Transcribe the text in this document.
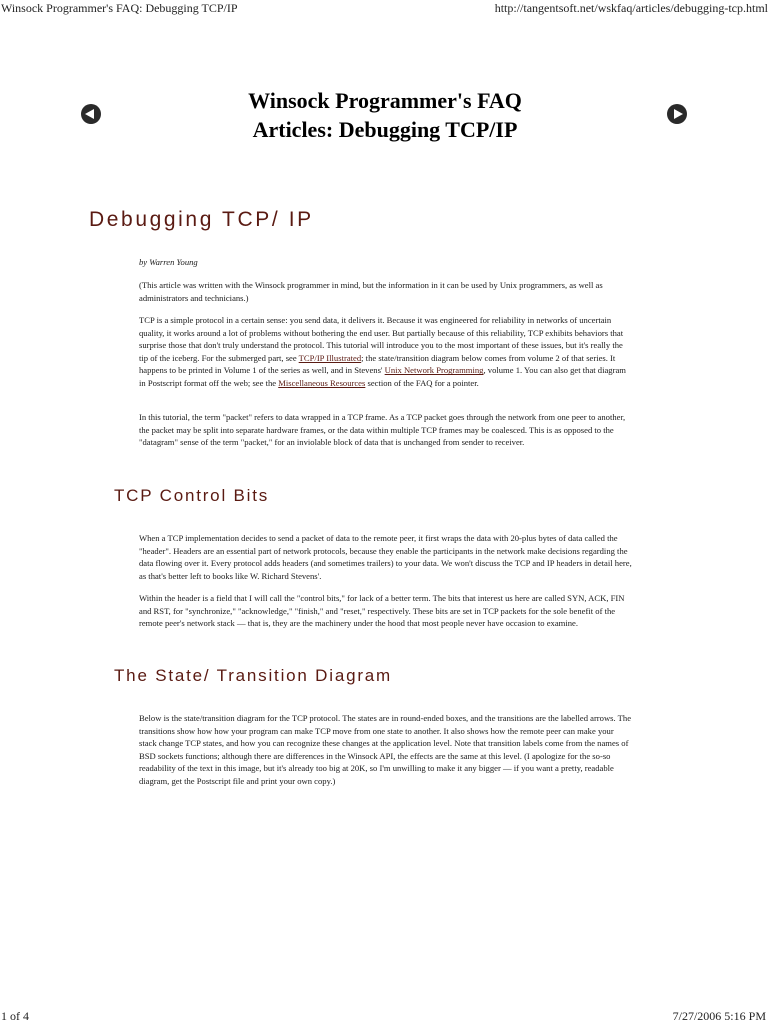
Winsock Programmer's FAQ: Debugging TCP/IP	http://tangentsoft.net/wskfaq/articles/debugging-tcp.html
Winsock Programmer's FAQ
Articles: Debugging TCP/IP
Debugging TCP/ IP
by Warren Young
(This article was written with the Winsock programmer in mind, but the information in it can be used by Unix programmers, as well as administrators and technicians.)
TCP is a simple protocol in a certain sense: you send data, it delivers it. Because it was engineered for reliability in networks of uncertain quality, it works around a lot of problems without bothering the end user. But partially because of this reliability, TCP exhibits behaviors that surprise those that don't truly understand the protocol. This tutorial will introduce you to the most important of these issues, but it's really the tip of the iceberg. For the submerged part, see TCP/IP Illustrated; the state/transition diagram below comes from volume 2 of that series. It happens to be printed in Volume 1 of the series as well, and in Stevens' Unix Network Programming, volume 1. You can also get that diagram in Postscript format off the web; see the Miscellaneous Resources section of the FAQ for a pointer.
In this tutorial, the term "packet" refers to data wrapped in a TCP frame. As a TCP packet goes through the network from one peer to another, the packet may be split into separate hardware frames, or the data within multiple TCP frames may be coalesced. This is as opposed to the "datagram" sense of the term "packet," for an inviolable block of data that is unchanged from sender to receiver.
TCP Control Bits
When a TCP implementation decides to send a packet of data to the remote peer, it first wraps the data with 20-plus bytes of data called the "header". Headers are an essential part of network protocols, because they enable the participants in the network make decisions regarding the data flowing over it. Every protocol adds headers (and sometimes trailers) to your data. We won't discuss the TCP and IP headers in detail here, as that's better left to books like W. Richard Stevens'.
Within the header is a field that I will call the "control bits," for lack of a better term. The bits that interest us here are called SYN, ACK, FIN and RST, for "synchronize," "acknowledge," "finish," and "reset," respectively. These bits are set in TCP packets for the sole benefit of the remote peer's network stack — that is, they are the machinery under the hood that most people never have occasion to examine.
The State/ Transition Diagram
Below is the state/transition diagram for the TCP protocol. The states are in round-ended boxes, and the transitions are the labelled arrows. The transitions show how how your program can make TCP move from one state to another. It also shows how the remote peer can make your stack change TCP states, and how you can recognize these changes at the application level. Note that transition labels come from the names of BSD sockets functions; although there are differences in the Winsock API, the effects are the same at this level. (I apologize for the so-so readability of the text in this image, but it's already too big at 20K, so I'm unwilling to make it any bigger — if you want a pretty, readable diagram, get the Postscript file and print your own copy.)
1 of 4	7/27/2006 5:16 PM
